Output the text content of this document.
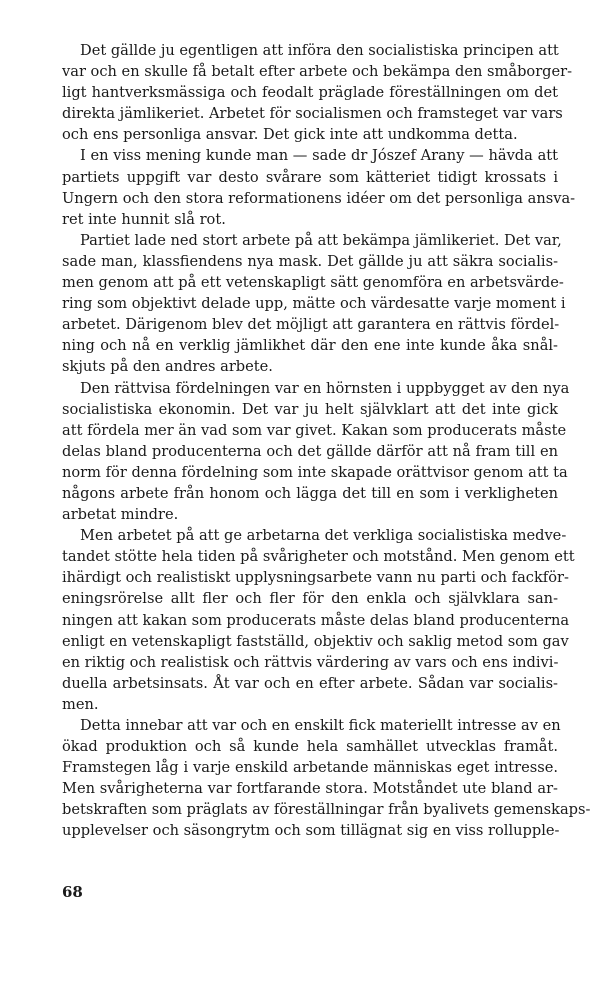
Det gällde ju egentligen att införa den socialistiska principen att
var och en skulle få betalt efter arbete och bekämpa den småborger-
ligt hantverksmässiga och feodalt präglade föreställningen om det
direkta jämlikeriet. Arbetet för socialismen och framsteget var vars
och ens personliga ansvar. Det gick inte att undkomma detta.
I en viss mening kunde man — sade dr Jószef Arany — hävda att
partiets uppgift var desto svårare som kätteriet tidigt krossats i
Ungern och den stora reformationens idéer om det personliga ansva-
ret inte hunnit slå rot.
Partiet lade ned stort arbete på att bekämpa jämlikeriet. Det var,
sade man, klassfiendens nya mask. Det gällde ju att säkra socialis-
men genom att på ett vetenskapligt sätt genomföra en arbetsvärde-
ring som objektivt delade upp, mätte och värdesatte varje moment i
arbetet. Därigenom blev det möjligt att garantera en rättvis fördel-
ning och nå en verklig jämlikhet där den ene inte kunde åka snål-
skjuts på den andres arbete.
Den rättvisa fördelningen var en hörnsten i uppbygget av den nya
socialistiska ekonomin. Det var ju helt självklart att det inte gick
att fördela mer än vad som var givet. Kakan som producerats måste
delas bland producenterna och det gällde därför att nå fram till en
norm för denna fördelning som inte skapade orättvisor genom att ta
någons arbete från honom och lägga det till en som i verkligheten
arbetat mindre.
Men arbetet på att ge arbetarna det verkliga socialistiska medve-
tandet stötte hela tiden på svårigheter och motstånd. Men genom ett
ihärdigt och realistiskt upplysningsarbete vann nu parti och fackför-
eningsrörelse allt fler och fler för den enkla och självklara san-
ningen att kakan som producerats måste delas bland producenterna
enligt en vetenskapligt fastställd, objektiv och saklig metod som gav
en riktig och realistisk och rättvis värdering av vars och ens indivi-
duella arbetsinsats. Åt var och en efter arbete. Sådan var socialis-
men.
Detta innebar att var och en enskilt fick materiellt intresse av en
ökad produktion och så kunde hela samhället utvecklas framåt.
Framstegen låg i varje enskild arbetande människas eget intresse.
Men svårigheterna var fortfarande stora. Motståndet ute bland ar-
betskraften som präglats av föreställningar från byalivets gemenskaps-
upplevelser och säsongrytm och som tillägnat sig en viss rollupple-
68
